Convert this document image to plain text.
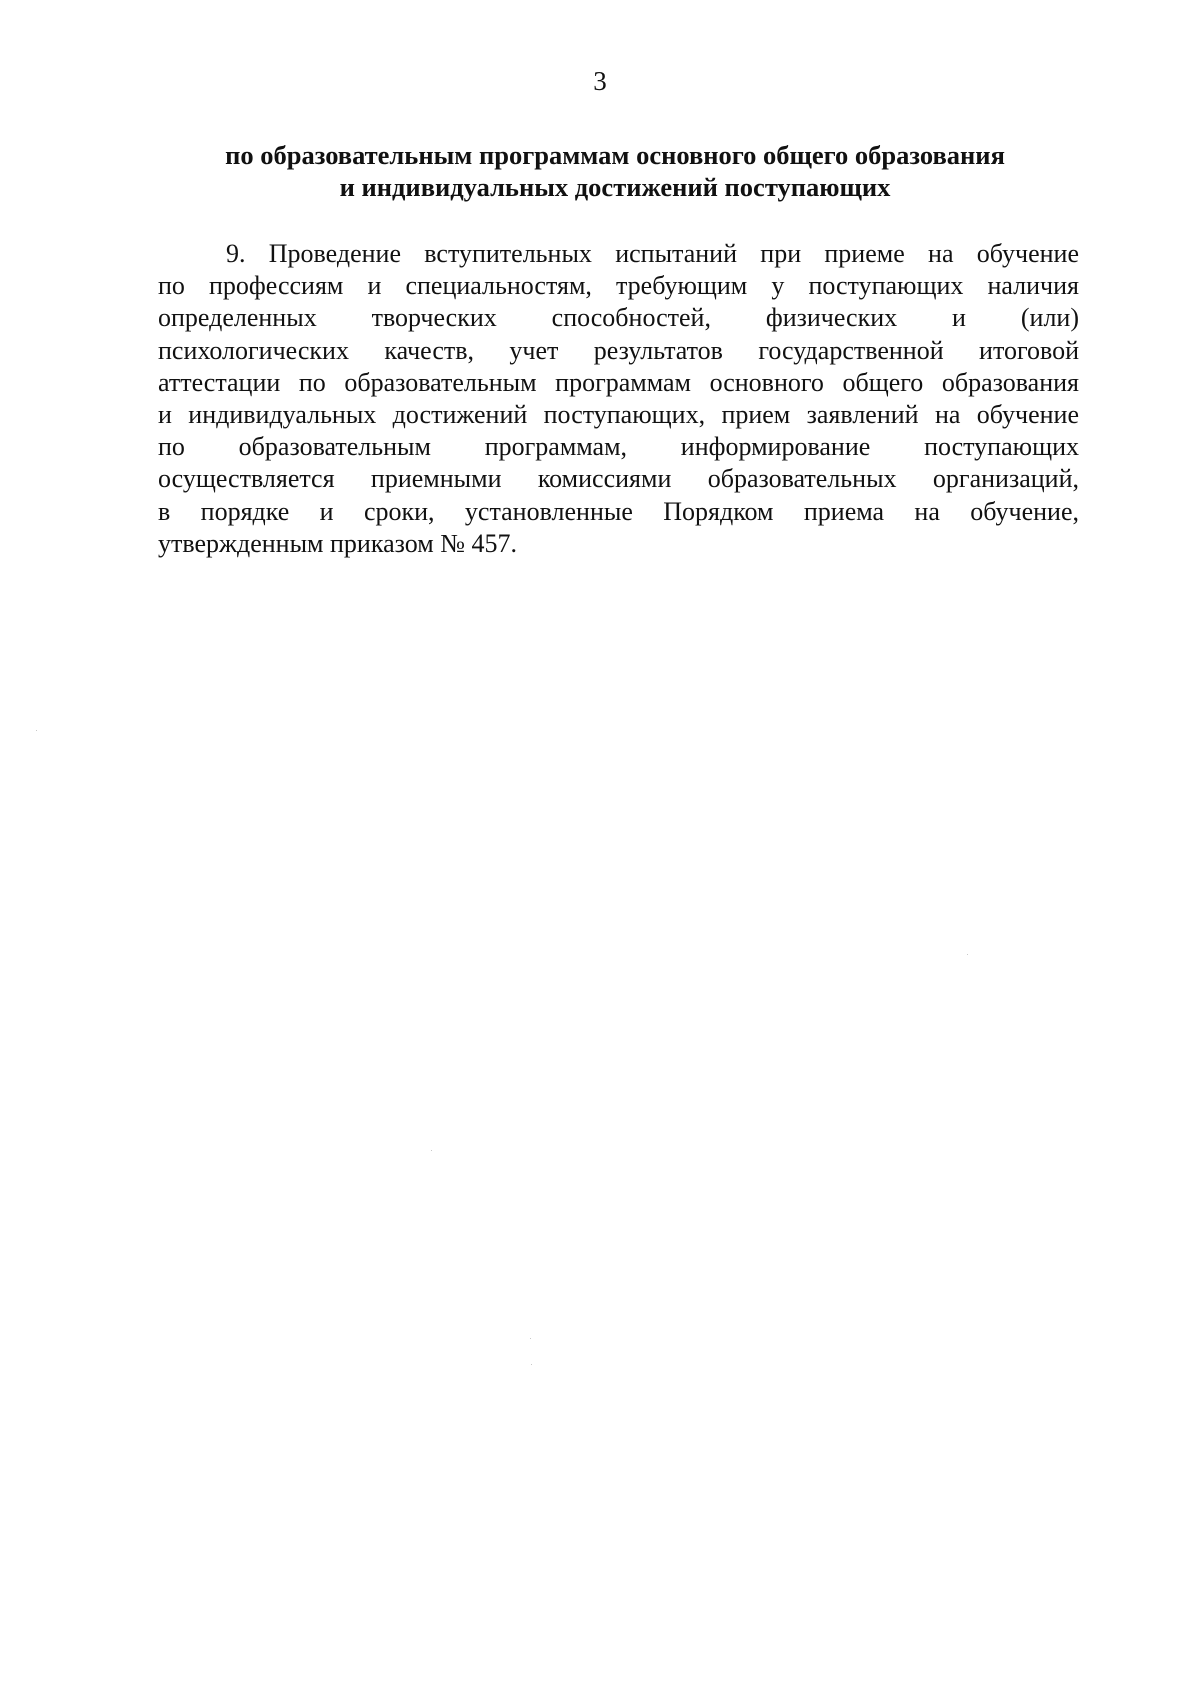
3
по образовательным программам основного общего образования
и индивидуальных достижений поступающих
9. Проведение вступительных испытаний при приеме на обучение
по профессиям и специальностям, требующим у поступающих наличия
определенных творческих способностей, физических и (или)
психологических качеств, учет результатов государственной итоговой
аттестации по образовательным программам основного общего образования
и индивидуальных достижений поступающих, прием заявлений на обучение
по образовательным программам, информирование поступающих
осуществляется приемными комиссиями образовательных организаций,
в порядке и сроки, установленные Порядком приема на обучение,
утвержденным приказом № 457.
